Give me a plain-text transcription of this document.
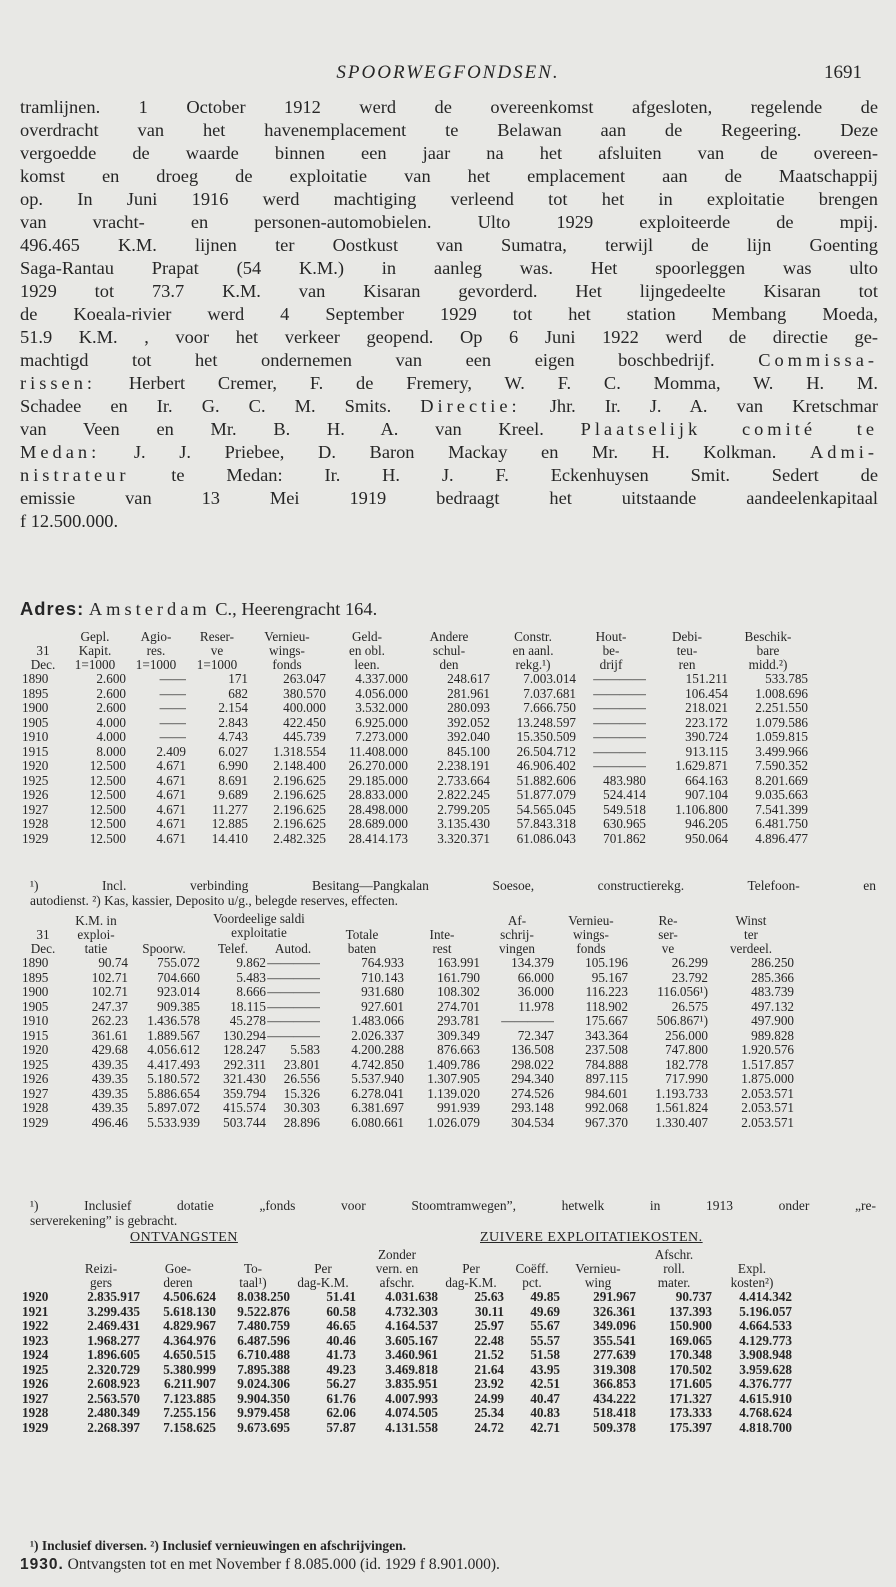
SPOORWEGFONDSEN.	1691
tramlijnen. 1 October 1912 werd de overeenkomst afgesloten, regelende de
overdracht van het havenemplacement te Belawan aan de Regeering. Deze
vergoedde de waarde binnen een jaar na het afsluiten van de overeen-
komst en droeg de exploitatie van het emplacement aan de Maatschappij
op. In Juni 1916 werd machtiging verleend tot het in exploitatie brengen
van vracht- en personen-automobielen. Ulto 1929 exploiteerde de mpij.
496.465 K.M. lijnen ter Oostkust van Sumatra, terwijl de lijn Goenting
Saga-Rantau Prapat (54 K.M.) in aanleg was. Het spoorleggen was ulto
1929 tot 73.7 K.M. van Kisaran gevorderd. Het lijngedeelte Kisaran tot
de Koeala-rivier werd 4 September 1929 tot het station Membang Moeda,
51.9 K.M. , voor het verkeer geopend. Op 6 Juni 1922 werd de directie ge-
machtigd tot het ondernemen van een eigen boschbedrijf. Commissa-
rissen: Herbert Cremer, F. de Fremery, W. F. C. Momma, W. H. M.
Schadee en Ir. G. C. M. Smits. Directie: Jhr. Ir. J. A. van Kretschmar
van Veen en Mr. B. H. A. van Kreel. Plaatselijk comité te
Medan: J. J. Priebee, D. Baron Mackay en Mr. H. Kolkman. Admi-
nistrateur te Medan: Ir. H. J. F. Eckenhuysen Smit. Sedert de
emissie van 13 Mei 1919 bedraagt het uitstaande aandeelenkapitaal
f 12.500.000.
Adres: Amsterdam C., Heerengracht 164.
31
Dec.	Gepl.
Kapit.
1=1000	Agio-
res.
1=1000	Reser-
ve
1=1000	Vernieu-
wings-
fonds	Geld-
en obl.
leen.	Andere
schul-
den	Constr.
en aanl.
rekg.¹)	Hout-
be-
drijf	Debi-
teu-
ren	Beschik-
bare
midd.²)
1890	2.600	——	171	263.047	4.337.000	248.617	7.003.014	————	151.211	533.785
1895	2.600	——	682	380.570	4.056.000	281.961	7.037.681	————	106.454	1.008.696
1900	2.600	——	2.154	400.000	3.532.000	280.093	7.666.750	————	218.021	2.251.550
1905	4.000	——	2.843	422.450	6.925.000	392.052	13.248.597	————	223.172	1.079.586
1910	4.000	——	4.743	445.739	7.273.000	392.040	15.350.509	————	390.724	1.059.815
1915	8.000	2.409	6.027	1.318.554	11.408.000	845.100	26.504.712	————	913.115	3.499.966
1920	12.500	4.671	6.990	2.148.400	26.270.000	2.238.191	46.906.402	————	1.629.871	7.590.352
1925	12.500	4.671	8.691	2.196.625	29.185.000	2.733.664	51.882.606	483.980	664.163	8.201.669
1926	12.500	4.671	9.689	2.196.625	28.833.000	2.822.245	51.877.079	524.414	907.104	9.035.663
1927	12.500	4.671	11.277	2.196.625	28.498.000	2.799.205	54.565.045	549.518	1.106.800	7.541.399
1928	12.500	4.671	12.885	2.196.625	28.689.000	3.135.430	57.843.318	630.965	946.205	6.481.750
1929	12.500	4.671	14.410	2.482.325	28.414.173	3.320.371	61.086.043	701.862	950.064	4.896.477
¹) Incl. verbinding Besitang—Pangkalan Soesoe, constructierekg. Telefoon- en
autodienst. ²) Kas, kassier, Deposito u/g., belegde reserves, effecten.
31
Dec.	K.M. in
exploi-
tatie	Spoorw.	Telef.	Autod.	Totale
baten	Inte-
rest	Af-
schrij-
vingen	Vernieu-
wings-
fonds	Re-
ser-
ve	Winst
ter
verdeel.
1890	90.74	755.072	9.862	————	764.933	163.991	134.379	105.196	26.299	286.250
1895	102.71	704.660	5.483	————	710.143	161.790	66.000	95.167	23.792	285.366
1900	102.71	923.014	8.666	————	931.680	108.302	36.000	116.223	116.056¹)	483.739
1905	247.37	909.385	18.115	————	927.601	274.701	11.978	118.902	26.575	497.132
1910	262.23	1.436.578	45.278	————	1.483.066	293.781	————	175.667	506.867¹)	497.900
1915	361.61	1.889.567	130.294	————	2.026.337	309.349	72.347	343.364	256.000	989.828
1920	429.68	4.056.612	128.247	5.583	4.200.288	876.663	136.508	237.508	747.800	1.920.576
1925	439.35	4.417.493	292.311	23.801	4.742.850	1.409.786	298.022	784.888	182.778	1.517.857
1926	439.35	5.180.572	321.430	26.556	5.537.940	1.307.905	294.340	897.115	717.990	1.875.000
1927	439.35	5.886.654	359.794	15.326	6.278.041	1.139.020	274.526	984.601	1.193.733	2.053.571
1928	439.35	5.897.072	415.574	30.303	6.381.697	991.939	293.148	992.068	1.561.824	2.053.571
1929	496.46	5.533.939	503.744	28.896	6.080.661	1.026.079	304.534	967.370	1.330.407	2.053.571
Voordeelige saldi
exploitatie
¹) Inclusief dotatie „fonds voor Stoomtramwegen”, hetwelk in 1913 onder „re-
serverekening” is gebracht.
ONTVANGSTEN	ZUIVERE EXPLOITATIEKOSTEN.
	Reizi-
gers	Goe-
deren	To-
taal¹)	Per
dag-K.M.	Zonder
vern. en
afschr.	Per
dag-K.M.	Coëff.
pct.	Vernieu-
wing	Afschr.
roll.
mater.	Expl.
kosten²)
1920	2.835.917	4.506.624	8.038.250	51.41	4.031.638	25.63	49.85	291.967	90.737	4.414.342
1921	3.299.435	5.618.130	9.522.876	60.58	4.732.303	30.11	49.69	326.361	137.393	5.196.057
1922	2.469.431	4.829.967	7.480.759	46.65	4.164.537	25.97	55.67	349.096	150.900	4.664.533
1923	1.968.277	4.364.976	6.487.596	40.46	3.605.167	22.48	55.57	355.541	169.065	4.129.773
1924	1.896.605	4.650.515	6.710.488	41.73	3.460.961	21.52	51.58	277.639	170.348	3.908.948
1925	2.320.729	5.380.999	7.895.388	49.23	3.469.818	21.64	43.95	319.308	170.502	3.959.628
1926	2.608.923	6.211.907	9.024.306	56.27	3.835.951	23.92	42.51	366.853	171.605	4.376.777
1927	2.563.570	7.123.885	9.904.350	61.76	4.007.993	24.99	40.47	434.222	171.327	4.615.910
1928	2.480.349	7.255.156	9.979.458	62.06	4.074.505	25.34	40.83	518.418	173.333	4.768.624
1929	2.268.397	7.158.625	9.673.695	57.87	4.131.558	24.72	42.71	509.378	175.397	4.818.700
¹) Inclusief diversen. ²) Inclusief vernieuwingen en afschrijvingen.
1930. Ontvangsten tot en met November f 8.085.000 (id. 1929 f 8.901.000).
